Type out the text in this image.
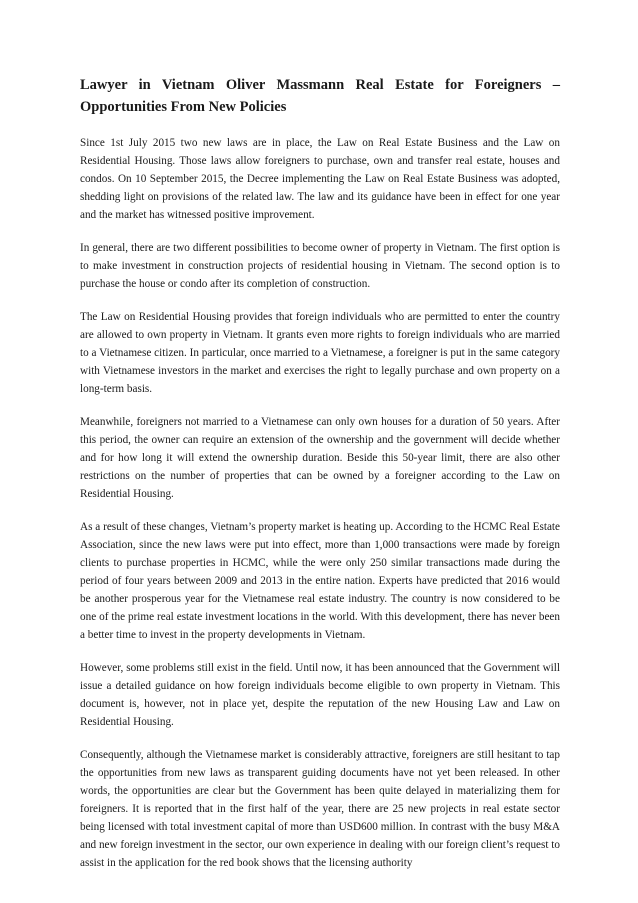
Lawyer in Vietnam Oliver Massmann Real Estate for Foreigners – Opportunities From New Policies

Since 1st July 2015 two new laws are in place, the Law on Real Estate Business and the Law on Residential Housing. Those laws allow foreigners to purchase, own and transfer real estate, houses and condos. On 10 September 2015, the Decree implementing the Law on Real Estate Business was adopted, shedding light on provisions of the related law. The law and its guidance have been in effect for one year and the market has witnessed positive improvement.

In general, there are two different possibilities to become owner of property in Vietnam. The first option is to make investment in construction projects of residential housing in Vietnam. The second option is to purchase the house or condo after its completion of construction.

The Law on Residential Housing provides that foreign individuals who are permitted to enter the country are allowed to own property in Vietnam. It grants even more rights to foreign individuals who are married to a Vietnamese citizen. In particular, once married to a Vietnamese, a foreigner is put in the same category with Vietnamese investors in the market and exercises the right to legally purchase and own property on a long-term basis.

Meanwhile, foreigners not married to a Vietnamese can only own houses for a duration of 50 years. After this period, the owner can require an extension of the ownership and the government will decide whether and for how long it will extend the ownership duration. Beside this 50-year limit, there are also other restrictions on the number of properties that can be owned by a foreigner according to the Law on Residential Housing.

As a result of these changes, Vietnam’s property market is heating up. According to the HCMC Real Estate Association, since the new laws were put into effect, more than 1,000 transactions were made by foreign clients to purchase properties in HCMC, while the were only 250 similar transactions made during the period of four years between 2009 and 2013 in the entire nation. Experts have predicted that 2016 would be another prosperous year for the Vietnamese real estate industry. The country is now considered to be one of the prime real estate investment locations in the world. With this development, there has never been a better time to invest in the property developments in Vietnam.

However, some problems still exist in the field. Until now, it has been announced that the Government will issue a detailed guidance on how foreign individuals become eligible to own property in Vietnam. This document is, however, not in place yet, despite the reputation of the new Housing Law and Law on Residential Housing.

Consequently, although the Vietnamese market is considerably attractive, foreigners are still hesitant to tap the opportunities from new laws as transparent guiding documents have not yet been released. In other words, the opportunities are clear but the Government has been quite delayed in materializing them for foreigners. It is reported that in the first half of the year, there are 25 new projects in real estate sector being licensed with total investment capital of more than USD600 million. In contrast with the busy M&A and new foreign investment in the sector, our own experience in dealing with our foreign client’s request to assist in the application for the red book shows that the licensing authority
